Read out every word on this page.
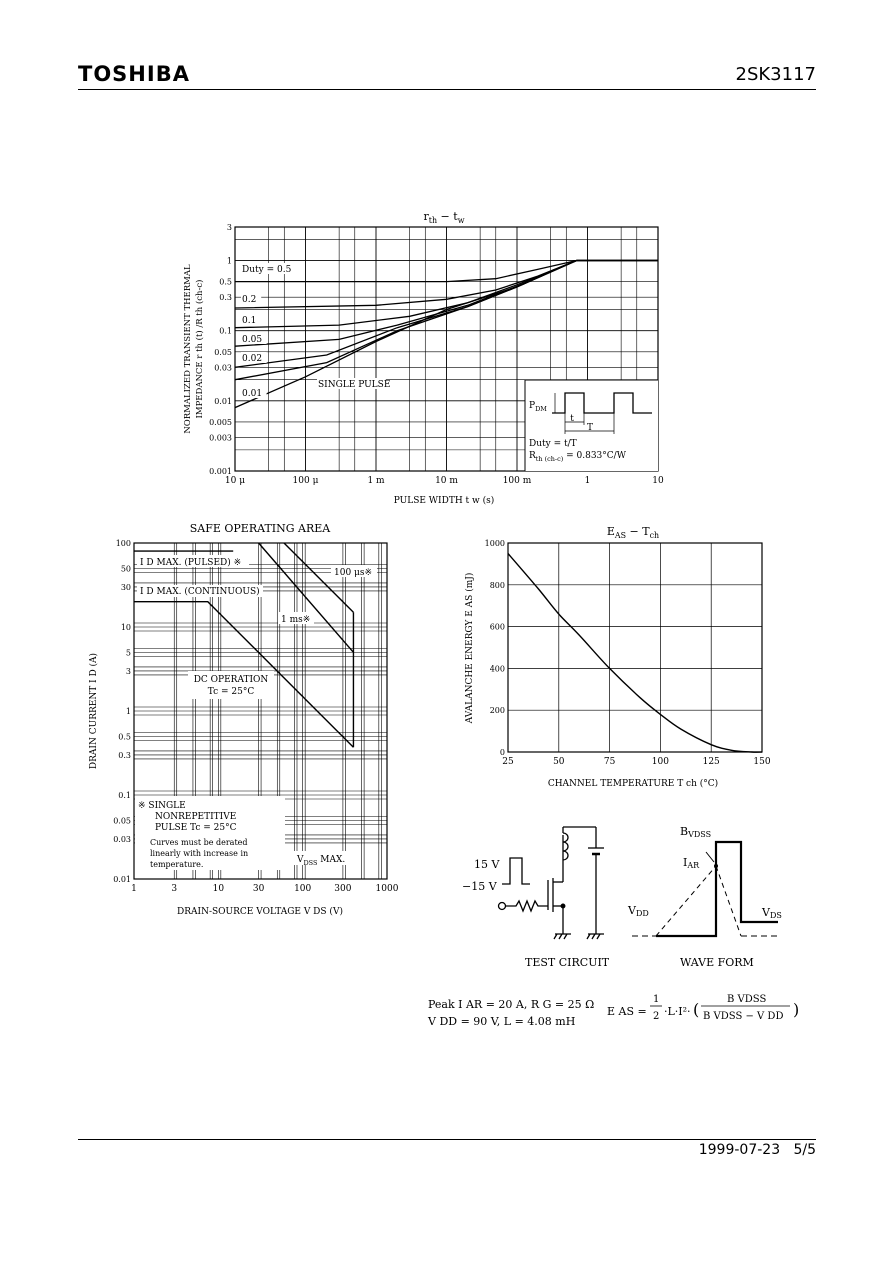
TOSHIBA	2SK3117
1999-07-23 5/5
10 μ	100 μ	1 m	10 m	100 m	1	10
3
1
0.5
0.3
0.1
0.05
0.03
0.01
0.005
0.003
0.001
Duty = 0.5
0.2
0.1
0.05
0.02
0.01
SINGLE PULSE
$r_{th} - t_w$
PULSE WIDTH t w (s)
NORMALIZED TRANSIENT THERMAL IMPEDANCE r th (t) /R th (ch-c)	$P_{DM}$
t
T
Duty = t/T
$R_{th (ch-c)} = 0.833^\circ C/W$
1	3	10	30	100	300	1000
100
50
30
10
5
3
1
0.5
0.3
0.1
0.05
0.03
0.01
I D MAX. (PULSED) ※
I D MAX. (CONTINUOUS)
100 μs※
1 ms※
DC OPERATION
Tc = 25°C
※ SINGLE
NONREPETITIVE
PULSE Tc = 25°C
Curves must be derated
linearly with increase in
temperature.	$V_{DSS}$ MAX.
SAFE OPERATING AREA
DRAIN-SOURCE VOLTAGE V DS (V)
DRAIN CURRENT I D (A)	25	50	75	100	125	150
0
200
400
600
800
1000
$E_{AS} - T_{ch}$
CHANNEL TEMPERATURE T ch (°C)
AVALANCHE ENERGY E AS (mJ)
15 V
−15 V
TEST CIRCUIT
BVDSS
IAR
VDD	VDS
WAVE FORM
Peak I AR = 20 A, R G = 25 Ω
V DD = 90 V, L = 4.08 mH
E AS =
1
2 ·L·I²· (
B VDSS
B VDSS − V DD )
